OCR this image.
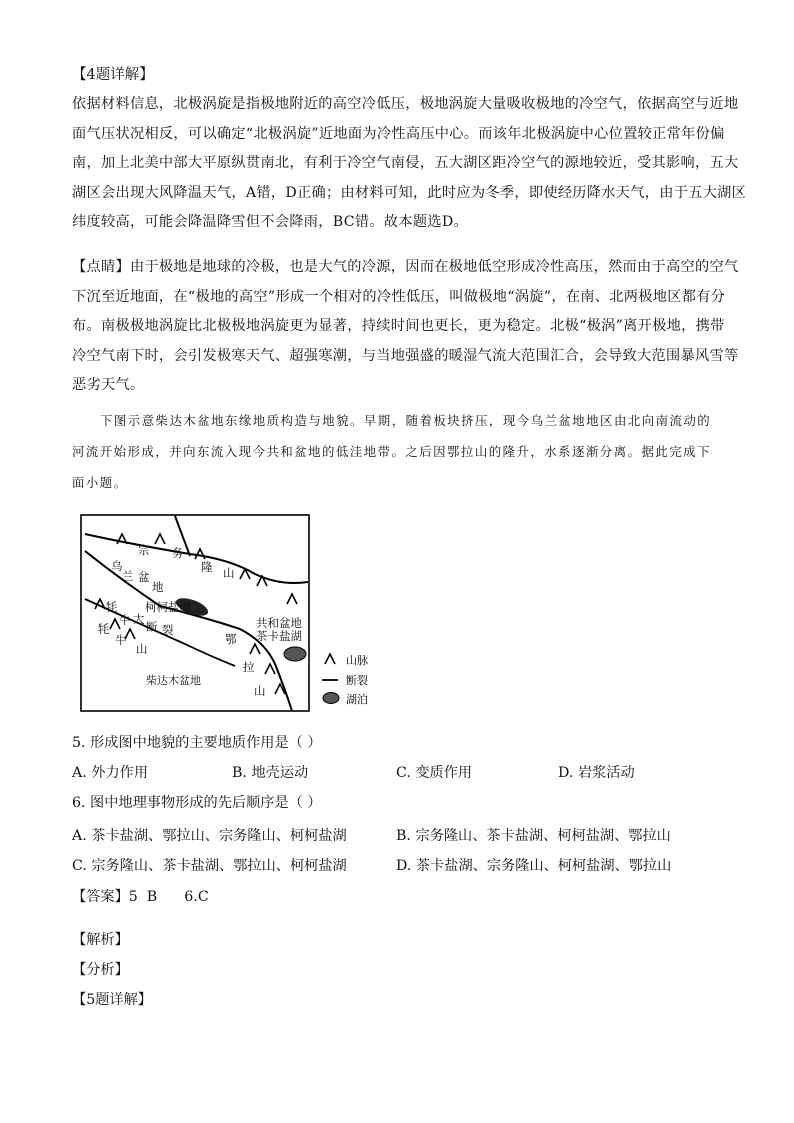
【4题详解】
依据材料信息，北极涡旋是指极地附近的高空冷低压，极地涡旋大量吸收极地的冷空气，依据高空与近地
面气压状况相反，可以确定“北极涡旋”近地面为冷性高压中心。而该年北极涡旋中心位置较正常年份偏
南，加上北美中部大平原纵贯南北，有利于冷空气南侵，五大湖区距冷空气的源地较近，受其影响，五大
湖区会出现大风降温天气，A错，D正确；由材料可知，此时应为冬季，即使经历降水天气，由于五大湖区
纬度较高，可能会降温降雪但不会降雨，BC错。故本题选D。
【点睛】由于极地是地球的冷极，也是大气的冷源，因而在极地低空形成冷性高压，然而由于高空的空气
下沉至近地面，在“极地的高空”形成一个相对的冷性低压，叫做极地“涡旋”，在南、北两极地区都有分
布。南极极地涡旋比北极极地涡旋更为显著，持续时间也更长，更为稳定。北极“极涡”离开极地，携带
冷空气南下时，会引发极寒天气、超强寒潮，与当地强盛的暖湿气流大范围汇合，会导致大范围暴风雪等
恶劣天气。
下图示意柴达木盆地东缘地质构造与地貌。早期，随着板块挤压，现今乌兰盆地地区由北向南流动的
河流开始形成，并向东流入现今共和盆地的低洼地带。之后因鄂拉山的隆升，水系逐渐分离。据此完成下
面小题。
宗 务
隆 山
乌
兰 盆
地
柯柯盐湖
牦
牛
牦
牛
山
大
断 裂	共和盆地
茶卡盐湖
鄂
拉
山
柴达木盆地
山脉
断裂
湖泊
5. 形成图中地貌的主要地质作用是（ ）
A. 外力作用	B. 地壳运动	C. 变质作用	D. 岩浆活动
6. 图中地理事物形成的先后顺序是（ ）
A. 茶卡盐湖、鄂拉山、宗务隆山、柯柯盐湖	B. 宗务隆山、茶卡盐湖、柯柯盐湖、鄂拉山
C. 宗务隆山、茶卡盐湖、鄂拉山、柯柯盐湖	D. 茶卡盐湖、宗务隆山、柯柯盐湖、鄂拉山
【答案】5  B      6.C
【解析】
【分析】
【5题详解】
